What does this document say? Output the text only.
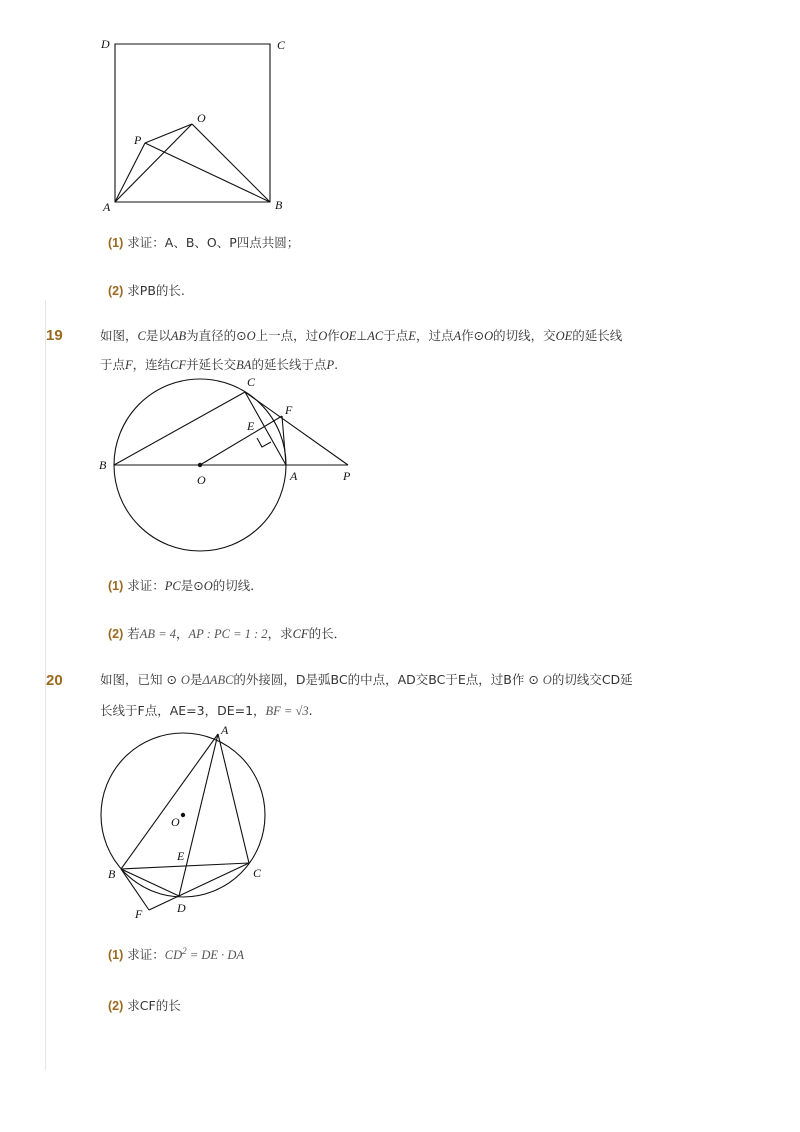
D	C
O
P
A	B
(1) 求证：A、B、O、P四点共圆；
(2) 求PB的长.
19	如图，C是以AB为直径的⊙O上一点，过O作OE⊥AC于点E，过点A作⊙O的切线，交OE的延长线
于点F，连结CF并延长交BA的延长线于点P.
C
F
E
B
O	A	P
(1) 求证：PC是⊙O的切线．
(2) 若AB = 4，AP : PC = 1 : 2，求CF的长．
20	如图，已知 ⊙ O是ΔABC的外接圆，D是弧BC的中点，AD交BC于E点，过B作 ⊙ O的切线交CD延
长线于F点，AE=3，DE=1，BF = √3.
A
O
E
B	C
F	D
(1) 求证：$CD^2$ = DE · DA
(2) 求CF的长
